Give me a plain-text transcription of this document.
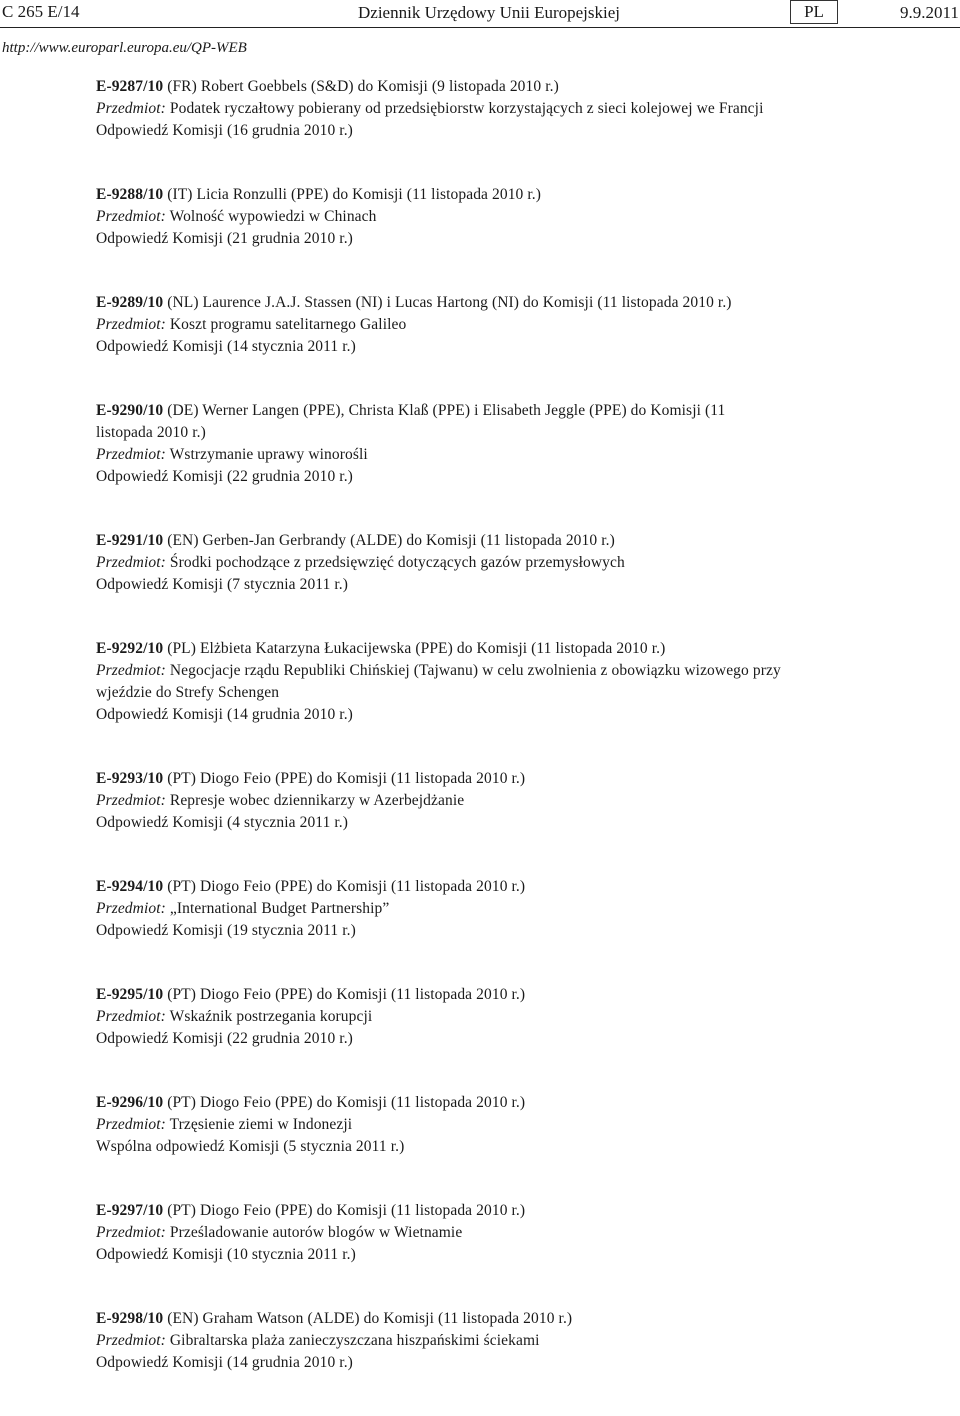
C 265 E/14	Dziennik Urzędowy Unii Europejskiej	PL	9.9.2011
http://www.europarl.europa.eu/QP-WEB
E-9287/10 (FR) Robert Goebbels (S&D) do Komisji (9 listopada 2010 r.)
Przedmiot: Podatek ryczałtowy pobierany od przedsiębiorstw korzystających z sieci kolejowej we Francji
Odpowiedź Komisji (16 grudnia 2010 r.)
E-9288/10 (IT) Licia Ronzulli (PPE) do Komisji (11 listopada 2010 r.)
Przedmiot: Wolność wypowiedzi w Chinach
Odpowiedź Komisji (21 grudnia 2010 r.)
E-9289/10 (NL) Laurence J.A.J. Stassen (NI) i Lucas Hartong (NI) do Komisji (11 listopada 2010 r.)
Przedmiot: Koszt programu satelitarnego Galileo
Odpowiedź Komisji (14 stycznia 2011 r.)
E-9290/10 (DE) Werner Langen (PPE), Christa Klaß (PPE) i Elisabeth Jeggle (PPE) do Komisji (11 listopada 2010 r.)
Przedmiot: Wstrzymanie uprawy winorośli
Odpowiedź Komisji (22 grudnia 2010 r.)
E-9291/10 (EN) Gerben-Jan Gerbrandy (ALDE) do Komisji (11 listopada 2010 r.)
Przedmiot: Środki pochodzące z przedsięwzięć dotyczących gazów przemysłowych
Odpowiedź Komisji (7 stycznia 2011 r.)
E-9292/10 (PL) Elżbieta Katarzyna Łukacijewska (PPE) do Komisji (11 listopada 2010 r.)
Przedmiot: Negocjacje rządu Republiki Chińskiej (Tajwanu) w celu zwolnienia z obowiązku wizowego przy wjeździe do Strefy Schengen
Odpowiedź Komisji (14 grudnia 2010 r.)
E-9293/10 (PT) Diogo Feio (PPE) do Komisji (11 listopada 2010 r.)
Przedmiot: Represje wobec dziennikarzy w Azerbejdżanie
Odpowiedź Komisji (4 stycznia 2011 r.)
E-9294/10 (PT) Diogo Feio (PPE) do Komisji (11 listopada 2010 r.)
Przedmiot: „International Budget Partnership”
Odpowiedź Komisji (19 stycznia 2011 r.)
E-9295/10 (PT) Diogo Feio (PPE) do Komisji (11 listopada 2010 r.)
Przedmiot: Wskaźnik postrzegania korupcji
Odpowiedź Komisji (22 grudnia 2010 r.)
E-9296/10 (PT) Diogo Feio (PPE) do Komisji (11 listopada 2010 r.)
Przedmiot: Trzęsienie ziemi w Indonezji
Wspólna odpowiedź Komisji (5 stycznia 2011 r.)
E-9297/10 (PT) Diogo Feio (PPE) do Komisji (11 listopada 2010 r.)
Przedmiot: Prześladowanie autorów blogów w Wietnamie
Odpowiedź Komisji (10 stycznia 2011 r.)
E-9298/10 (EN) Graham Watson (ALDE) do Komisji (11 listopada 2010 r.)
Przedmiot: Gibraltarska plaża zanieczyszczana hiszpańskimi ściekami
Odpowiedź Komisji (14 grudnia 2010 r.)
